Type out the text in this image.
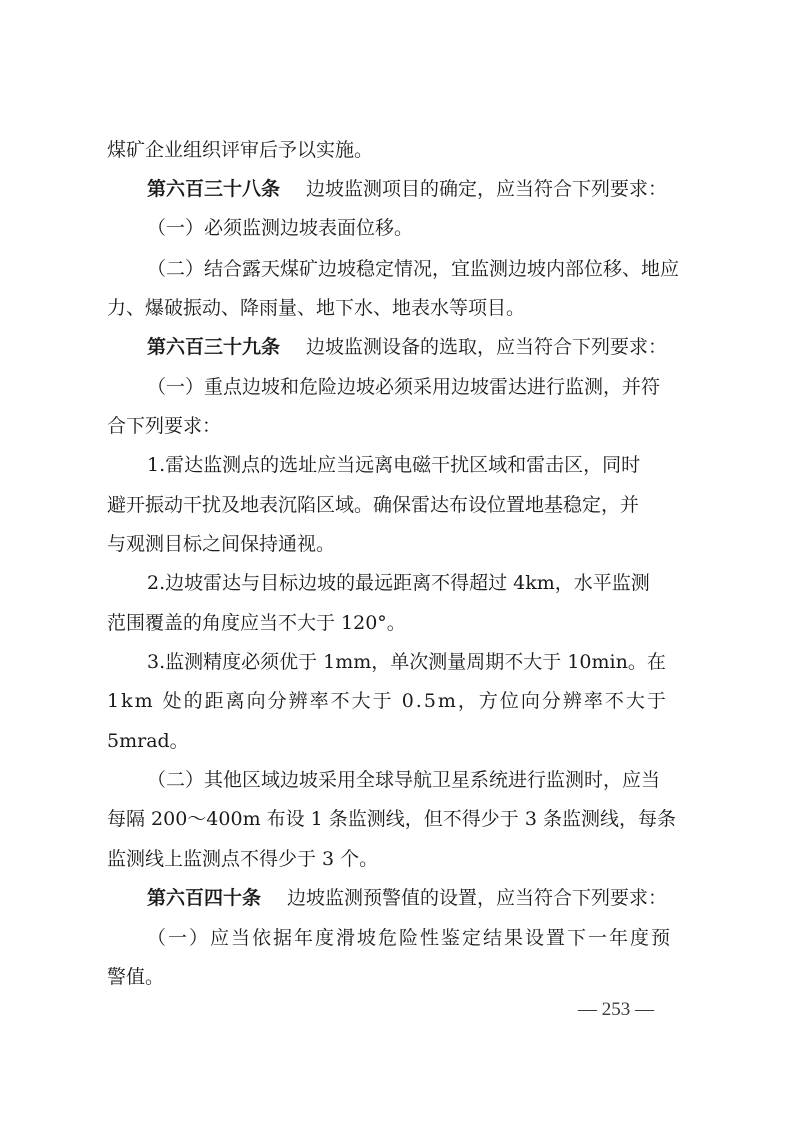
煤矿企业组织评审后予以实施。
第六百三十八条 边坡监测项目的确定，应当符合下列要求：
（一）必须监测边坡表面位移。
（二）结合露天煤矿边坡稳定情况，宜监测边坡内部位移、地应
力、爆破振动、降雨量、地下水、地表水等项目。
第六百三十九条 边坡监测设备的选取，应当符合下列要求：
（一）重点边坡和危险边坡必须采用边坡雷达进行监测，并符
合下列要求：
1.雷达监测点的选址应当远离电磁干扰区域和雷击区，同时
避开振动干扰及地表沉陷区域。确保雷达布设位置地基稳定，并
与观测目标之间保持通视。
2.边坡雷达与目标边坡的最远距离不得超过 4km，水平监测
范围覆盖的角度应当不大于 120°。
3.监测精度必须优于 1mm，单次测量周期不大于 10min。在
1km 处的距离向分辨率不大于 0.5m，方位向分辨率不大于
5mrad。
（二）其他区域边坡采用全球导航卫星系统进行监测时，应当
每隔 200～400m 布设 1 条监测线，但不得少于 3 条监测线，每条
监测线上监测点不得少于 3 个。
第六百四十条 边坡监测预警值的设置，应当符合下列要求：
（一）应当依据年度滑坡危险性鉴定结果设置下一年度预
警值。
— 253 —
